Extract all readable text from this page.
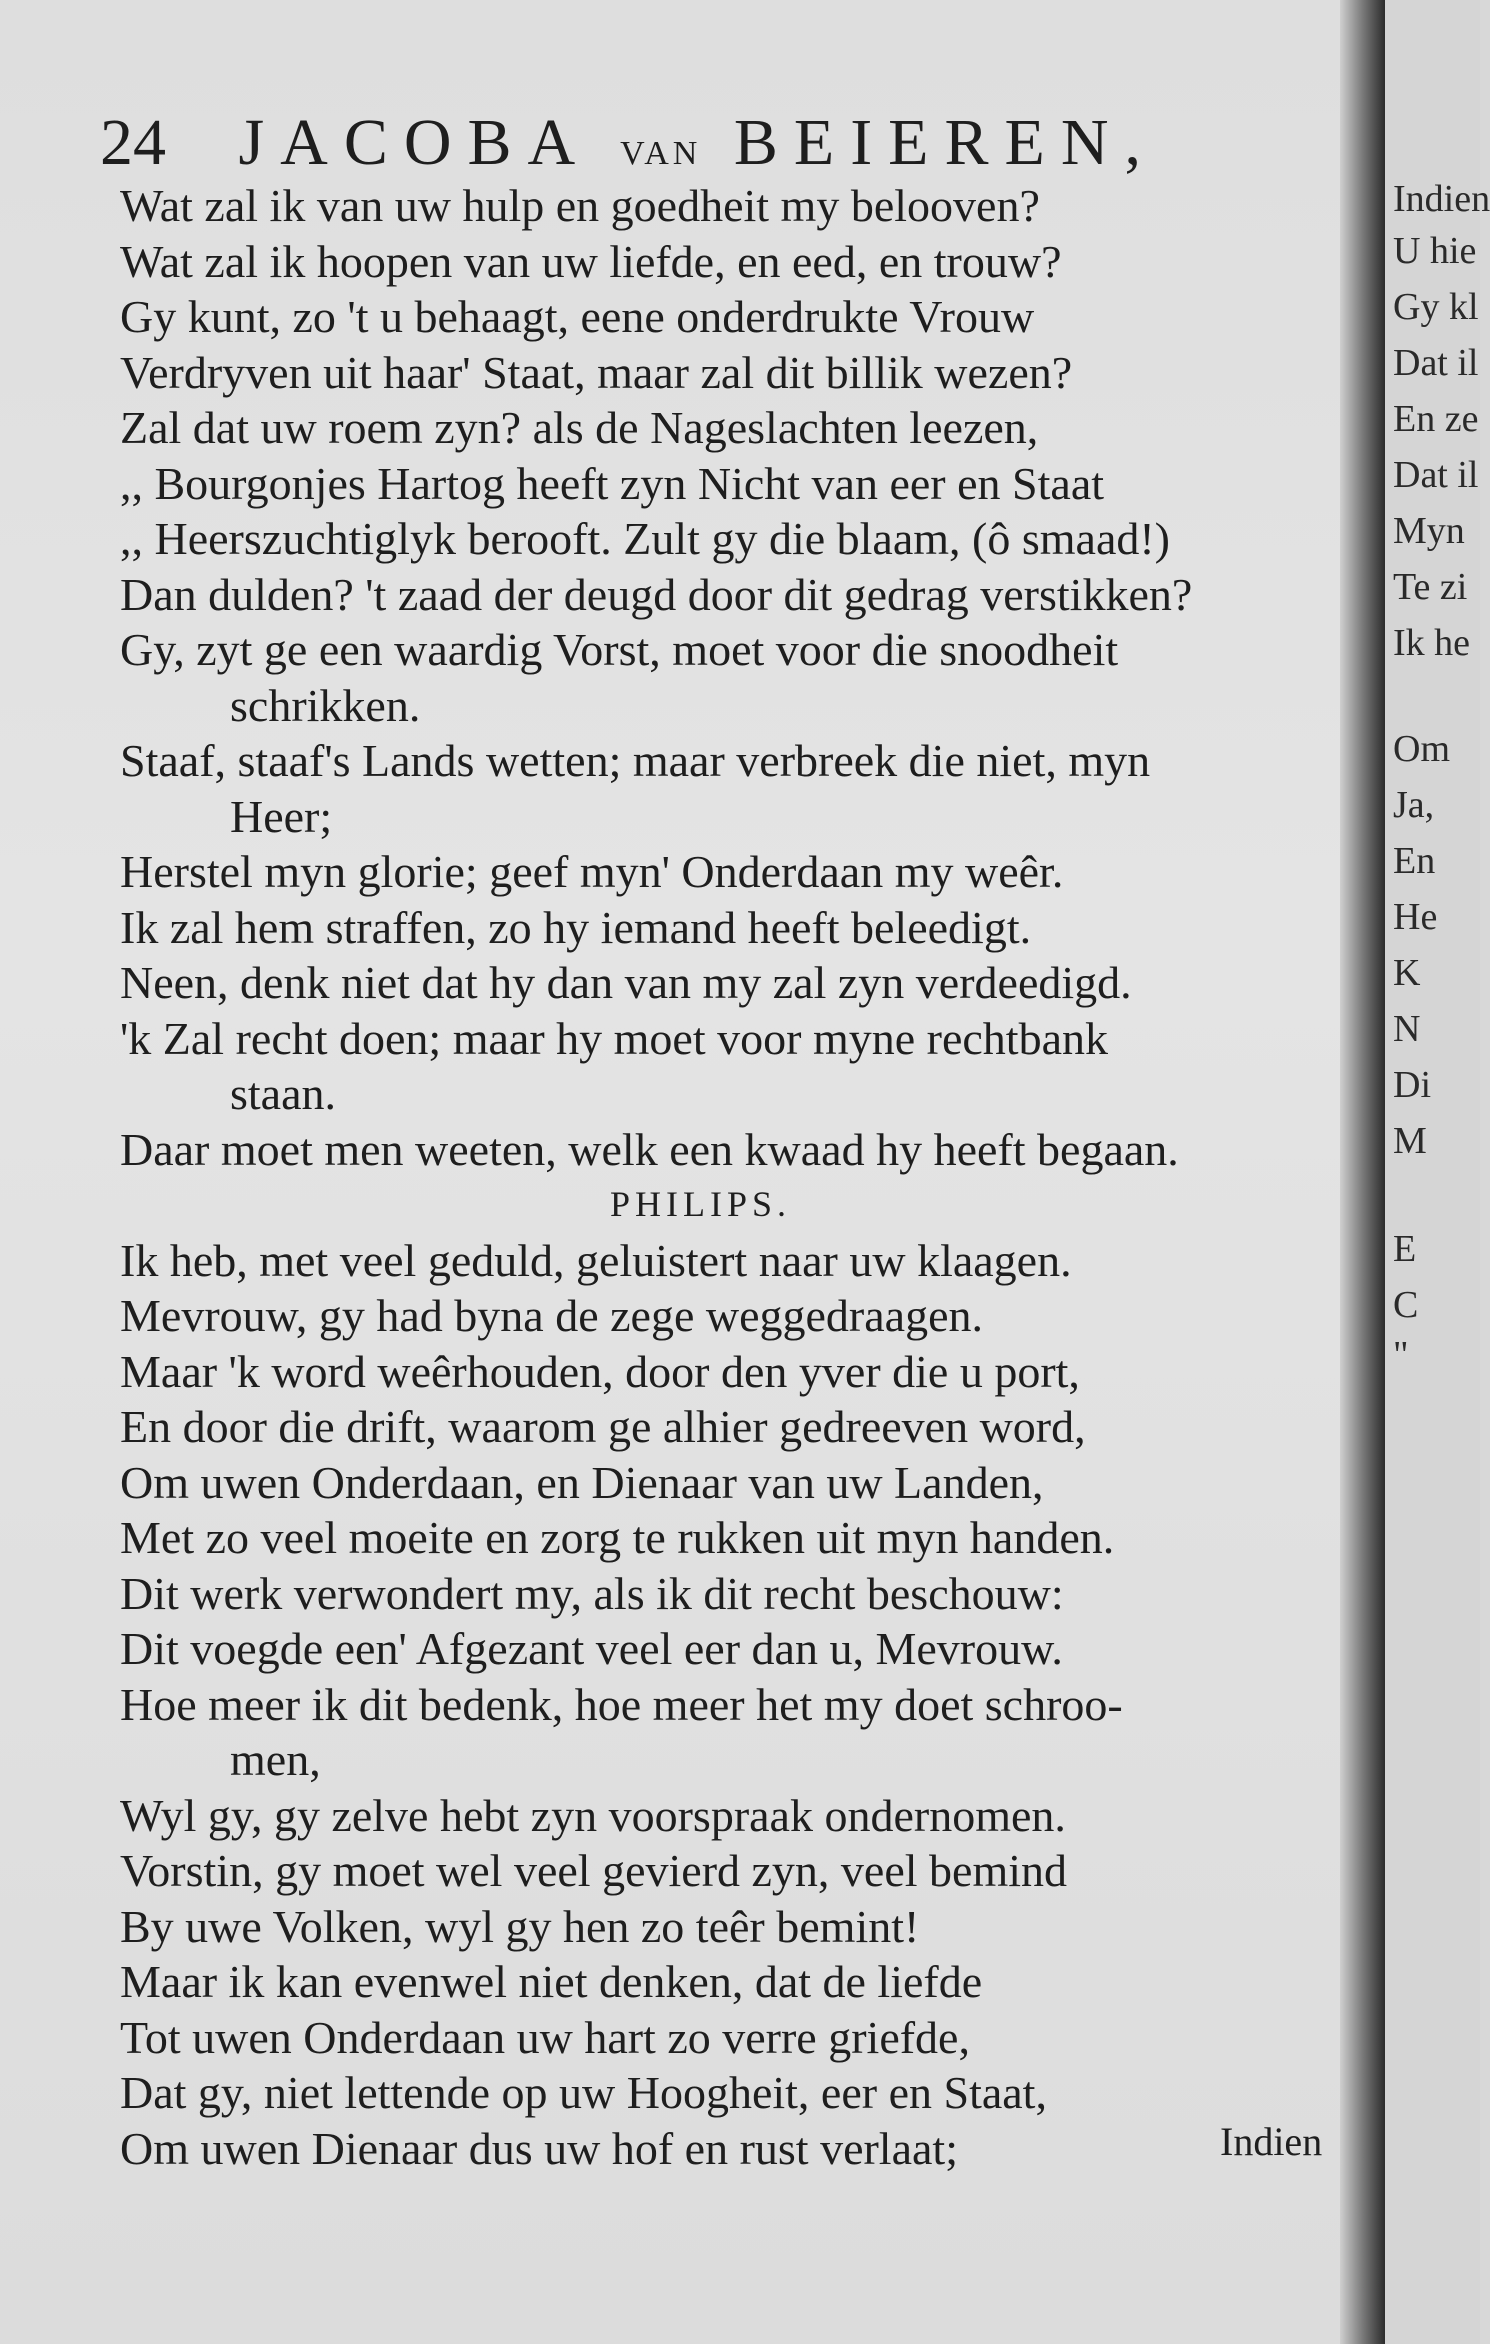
24 JACOBA VAN BEIEREN,
Wat zal ik van uw hulp en goedheit my belooven?
Wat zal ik hoopen van uw liefde, en eed, en trouw?
Gy kunt, zo 't u behaagt, eene onderdrukte Vrouw
Verdryven uit haar' Staat, maar zal dit billik wezen?
Zal dat uw roem zyn? als de Nageslachten leezen,
,, Bourgonjes Hartog heeft zyn Nicht van eer en Staat
,, Heerszuchtiglyk berooft. Zult gy die blaam, (ô smaad!)
Dan dulden? 't zaad der deugd door dit gedrag verstikken?
Gy, zyt ge een waardig Vorst, moet voor die snoodheit
schrikken.
Staaf, staaf's Lands wetten; maar verbreek die niet, myn
Heer;
Herstel myn glorie; geef myn' Onderdaan my weêr.
Ik zal hem straffen, zo hy iemand heeft beleedigt.
Neen, denk niet dat hy dan van my zal zyn verdeedigd.
'k Zal recht doen; maar hy moet voor myne rechtbank
staan.
Daar moet men weeten, welk een kwaad hy heeft begaan.
PHILIPS.
Ik heb, met veel geduld, geluistert naar uw klaagen.
Mevrouw, gy had byna de zege weggedraagen.
Maar 'k word weêrhouden, door den yver die u port,
En door die drift, waarom ge alhier gedreeven word,
Om uwen Onderdaan, en Dienaar van uw Landen,
Met zo veel moeite en zorg te rukken uit myn handen.
Dit werk verwondert my, als ik dit recht beschouw:
Dit voegde een' Afgezant veel eer dan u, Mevrouw.
Hoe meer ik dit bedenk, hoe meer het my doet schroo-
men,
Wyl gy, gy zelve hebt zyn voorspraak ondernomen.
Vorstin, gy moet wel veel gevierd zyn, veel bemind
By uwe Volken, wyl gy hen zo teêr bemint!
Maar ik kan evenwel niet denken, dat de liefde
Tot uwen Onderdaan uw hart zo verre griefde,
Dat gy, niet lettende op uw Hoogheit, eer en Staat,
Om uwen Dienaar dus uw hof en rust verlaat;	Indien
Indien
U hie
Gy kl
Dat il
En ze
Dat il
Myn
Te zi
Ik he
Om
Ja,
En
He
K
N
Di
M
E
C
"
